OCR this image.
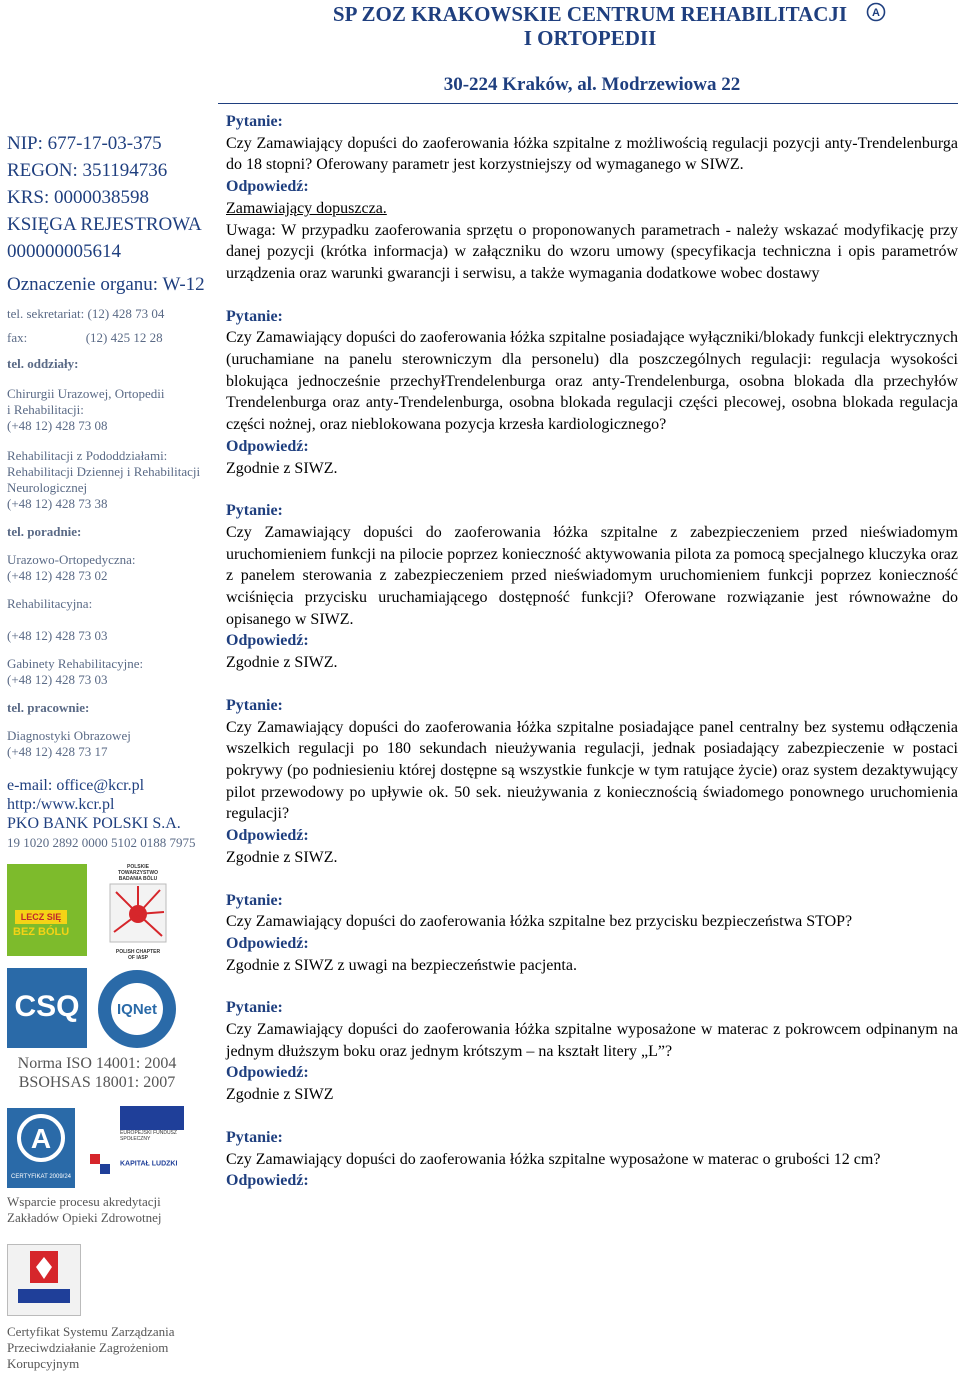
SP ZOZ KRAKOWSKIE CENTRUM REHABILITACJI
I ORTOPEDII
A
30-224 Kraków, al. Modrzewiowa 22
NIP: 677-17-03-375
REGON: 351194736
KRS: 0000038598
KSIĘGA REJESTROWA
000000005614
Oznaczenie organu: W-12
tel. sekretariat: (12) 428 73 04
fax:	(12) 425 12 28
tel. oddziały:
Chirurgii Urazowej, Ortopedii
i Rehabilitacji:
(+48 12) 428 73 08
Rehabilitacji z Pododdziałami:
Rehabilitacji Dziennej i Rehabilitacji
Neurologicznej
(+48 12) 428 73 38
tel. poradnie:
Urazowo-Ortopedyczna:
(+48 12) 428 73 02
Rehabilitacyjna:
(+48 12) 428 73 03
Gabinety Rehabilitacyjne:
(+48 12) 428 73 03
tel. pracownie:
Diagnostyki Obrazowej
(+48 12) 428 73 17
e-mail: office@kcr.pl
http:/www.kcr.pl
PKO BANK POLSKI S.A.
19 1020 2892 0000 5102 0188 7975
LECZ SIĘ
BEZ BÓLU
POLSKIE TOWARZYSTWO
BADANIA BÓLU
POLISH CHAPTER
OF IASP
CSQ	IQNet
Norma ISO 14001: 2004
BSOHSAS 18001: 2007
A
CERTYFIKAT 2009/24
EUROPEJSKI FUNDUSZ SPOŁECZNY
KAPITAŁ LUDZKI
Wsparcie procesu akredytacji
Zakładów Opieki Zdrowotnej
Certyfikat Systemu Zarządzania
Przeciwdziałanie Zagrożeniom
Korupcyjnym

Pytanie:

Czy Zamawiający dopuści do zaoferowania łóżka szpitalne z możliwością regulacji pozycji anty-Trendelenburga do 18 stopni? Oferowany parametr jest korzystniejszy od wymaganego w SIWZ.

Odpowiedź:

Zamawiający dopuszcza.

Uwaga: W przypadku zaoferowania sprzętu o proponowanych parametrach - należy wskazać modyfikację przy danej pozycji (krótka informacja) w załączniku do wzoru umowy (specyfikacja techniczna i opis parametrów urządzenia oraz warunki gwarancji i serwisu, a także wymagania dodatkowe wobec dostawy

Pytanie:

Czy Zamawiający dopuści do zaoferowania łóżka szpitalne posiadające wyłączniki/blokady funkcji elektrycznych (uruchamiane na panelu sterowniczym dla personelu) dla poszczególnych regulacji: regulacja wysokości blokująca jednocześnie przechyłTrendelenburga oraz anty-Trendelenburga, osobna blokada dla przechyłów Trendelenburga oraz anty-Trendelenburga, osobna blokada regulacji części plecowej, osobna blokada regulacja części nożnej, oraz nieblokowana pozycja krzesła kardiologicznego?

Odpowiedź:

Zgodnie z SIWZ.

Pytanie:

Czy Zamawiający dopuści do zaoferowania łóżka szpitalne z zabezpieczeniem przed nieświadomym uruchomieniem funkcji na pilocie poprzez konieczność aktywowania pilota za pomocą specjalnego kluczyka oraz z panelem sterowania z zabezpieczeniem przed nieświadomym uruchomieniem funkcji poprzez konieczność wciśnięcia przycisku uruchamiającego dostępność funkcji? Oferowane rozwiązanie jest równoważne do opisanego w SIWZ.

Odpowiedź:

Zgodnie z SIWZ.

Pytanie:

Czy Zamawiający dopuści do zaoferowania łóżka szpitalne posiadające panel centralny bez systemu odłączenia wszelkich regulacji po 180 sekundach nieużywania regulacji, jednak posiadający zabezpieczenie w postaci pokrywy (po podniesieniu której dostępne są wszystkie funkcje w tym ratujące życie) oraz system dezaktywujący pilot przewodowy po upływie ok. 50 sek. nieużywania z koniecznością świadomego ponownego uruchomienia regulacji?

Odpowiedź:

Zgodnie z SIWZ.

Pytanie:

Czy Zamawiający dopuści do zaoferowania łóżka szpitalne bez przycisku bezpieczeństwa STOP?

Odpowiedź:

Zgodnie z SIWZ z uwagi na bezpieczeństwie pacjenta.

Pytanie:

Czy Zamawiający dopuści do zaoferowania łóżka szpitalne wyposażone w materac z pokrowcem odpinanym na jednym dłuższym boku oraz jednym krótszym – na kształt litery „L”?

Odpowiedź:

Zgodnie z SIWZ

Pytanie:

Czy Zamawiający dopuści do zaoferowania łóżka szpitalne wyposażone w materac o grubości 12 cm?

Odpowiedź:
